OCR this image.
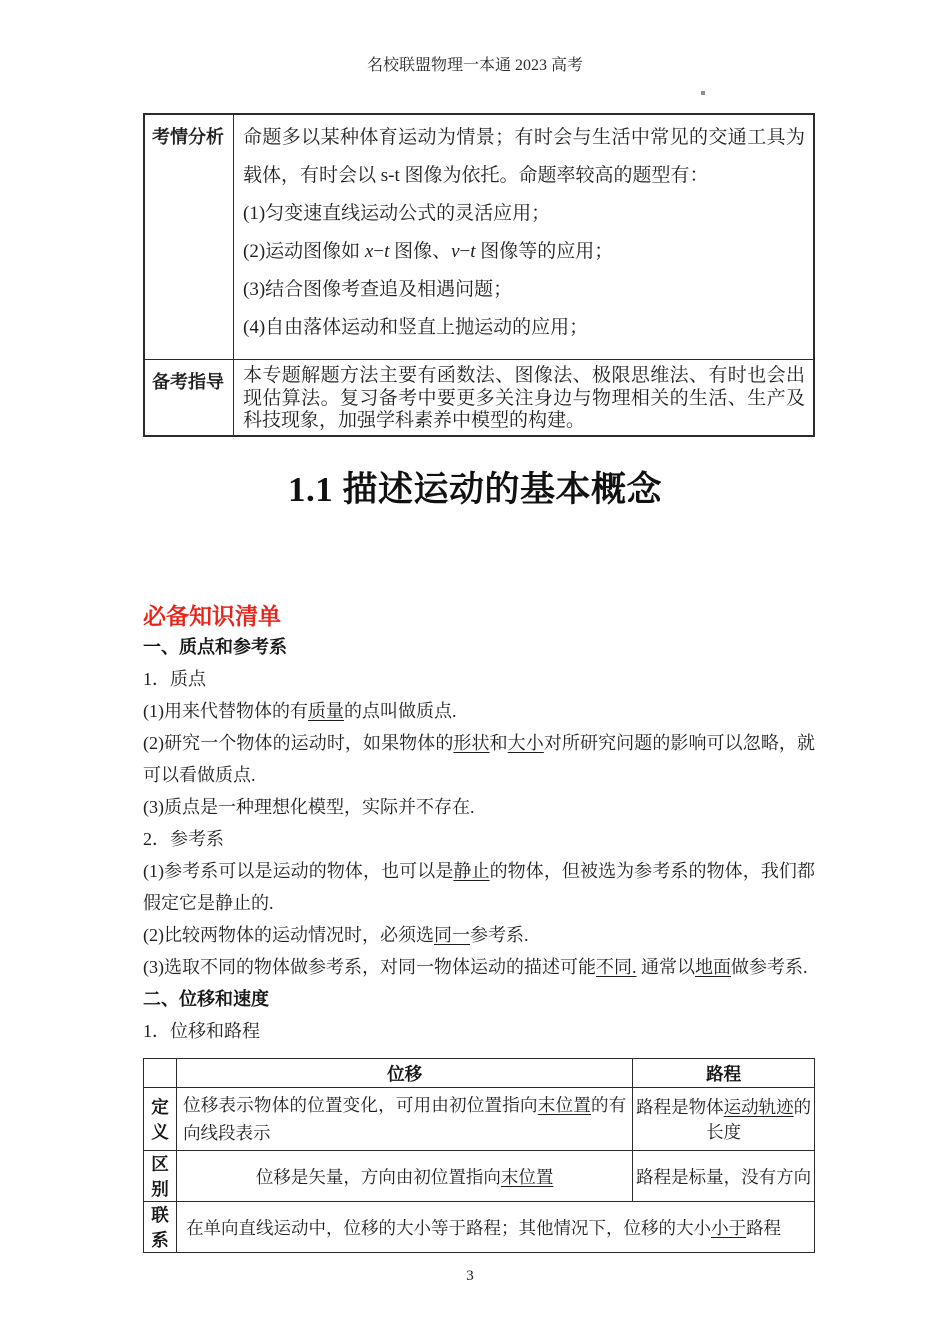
名校联盟物理一本通 2023 高考
考情分析	命题多以某种体育运动为情景；有时会与生活中常见的交通工具为载体，有时会以 s-t 图像为依托。命题率较高的题型有：
(1)匀变速直线运动公式的灵活应用；
(2)运动图像如 x−t 图像、v−t 图像等的应用；
(3)结合图像考查追及相遇问题；
(4)自由落体运动和竖直上抛运动的应用；
备考指导	本专题解题方法主要有函数法、图像法、极限思维法、有时也会出现估算法。复习备考中要更多关注身边与物理相关的生活、生产及科技现象，加强学科素养中模型的构建。
1.1 描述运动的基本概念
必备知识清单
一、质点和参考系
1．质点
(1)用来代替物体的有质量的点叫做质点.
(2)研究一个物体的运动时，如果物体的形状和大小对所研究问题的影响可以忽略，就可以看做质点.
(3)质点是一种理想化模型，实际并不存在.
2．参考系
(1)参考系可以是运动的物体，也可以是静止的物体，但被选为参考系的物体，我们都假定它是静止的.
(2)比较两物体的运动情况时，必须选同一参考系.
(3)选取不同的物体做参考系，对同一物体运动的描述可能不同. 通常以地面做参考系.
二、位移和速度
1．位移和路程
	位移	路程
定义	位移表示物体的位置变化，可用由初位置指向末位置的有向线段表示	路程是物体运动轨迹的长度
区别	位移是矢量，方向由初位置指向末位置	路程是标量，没有方向
联系	在单向直线运动中，位移的大小等于路程；其他情况下，位移的大小小于路程	
3
